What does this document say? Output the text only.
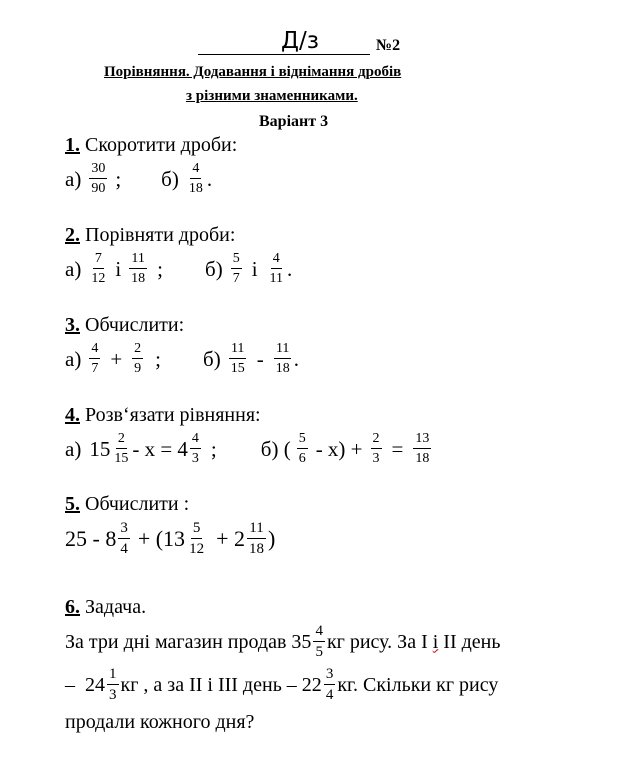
Д/з	№2
Порівняння. Додавання і віднімання дробів
з різними знаменниками.
Варіант 3
1. Скоротити дроби:
$а) \frac{30}{90}$ ; $б) \frac{4}{18}$ .
2. Порівняти дроби:
$а) \frac{7}{12}$ і $\frac{11}{18}$ ; $б) \frac{5}{7}$ і $\frac{4}{11}$ .
3. Обчислити:
$а) \frac{4}{7} + \frac{2}{9}$ ; $б) \frac{11}{15} - \frac{11}{18}$ .
4. Розв‘язати рівняння:
а) $15 \frac{2}{15} - х = 4 \frac{4}{3}$ ; б) ( $\frac{5}{6} - х) + \frac{2}{3} = \frac{13}{18}$
5. Обчислити :
$25 - 8 \frac{3}{4} + (13 \frac{5}{12} + 2 \frac{11}{18}$ )
6. Задача.
За три дні магазин продав $35 \frac{4}{5}$ кг рису. За I і II день
–  $24 \frac{1}{3}$ кг , а за II і III день – $22 \frac{3}{4}$ кг. Скільки кг рису
продали кожного дня?
